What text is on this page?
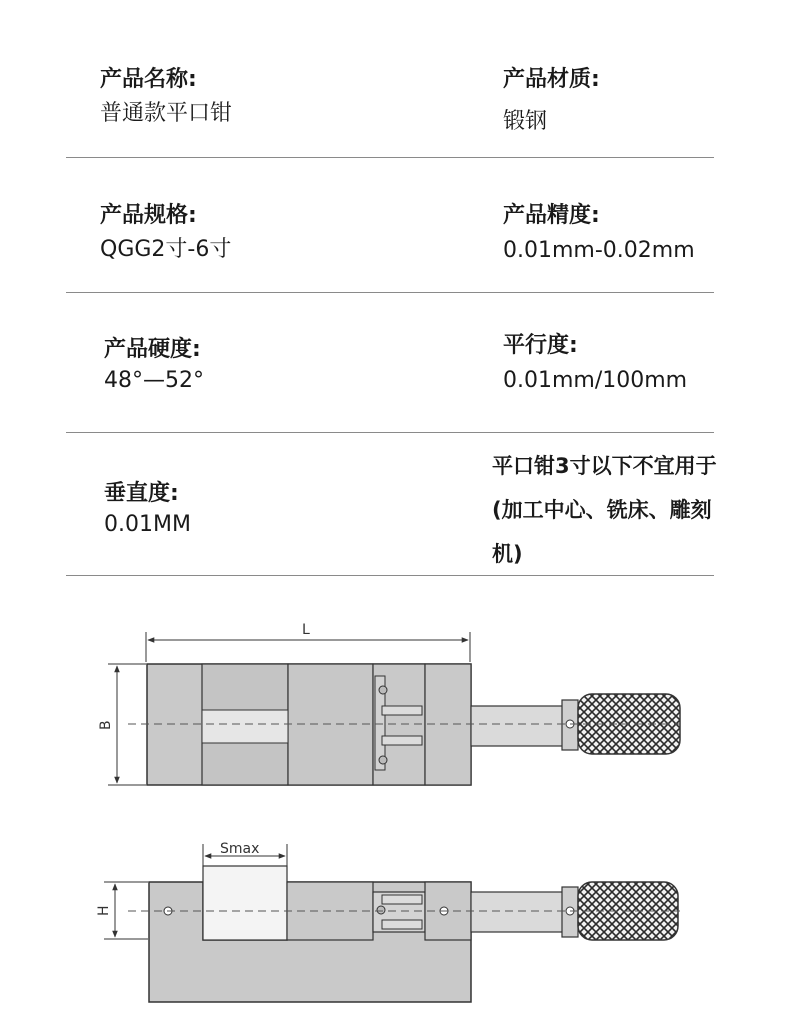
产品名称:
普通款平口钳
产品材质:
锻钢
产品规格:
QGG2寸-6寸
产品精度:
0.01mm-0.02mm
产品硬度:
48°—52°
平行度:
0.01mm/100mm
垂直度:
0.01MM
平口钳3寸以下不宜用于(加工中心、铣床、雕刻机)
L
B
Smax
H
